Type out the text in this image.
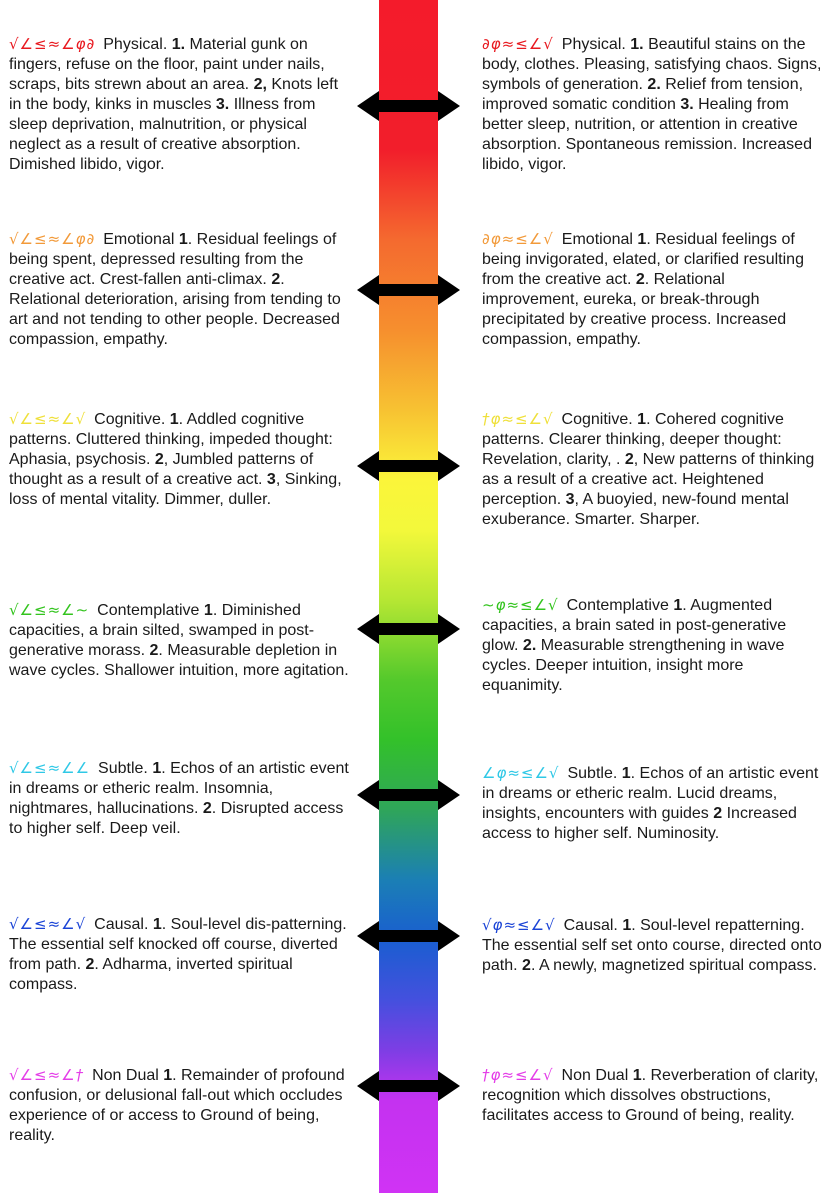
√∠≤≈∠φ∂ Physical. 1. Material gunk on fingers, refuse on the floor, paint under nails, scraps, bits strewn about an area. 2, Knots left in the body, kinks in muscles 3. Illness from sleep deprivation, malnutrition, or physical neglect as a result of creative absorption. Dimished libido, vigor.

√∠≤≈∠φ∂ Emotional 1. Residual feelings of being spent, depressed resulting from the creative act. Crest-fallen anti-climax. 2. Relational deterioration, arising from tending to art and not tending to other people. Decreased compassion, empathy.

√∠≤≈∠√ Cognitive. 1. Addled cognitive patterns. Cluttered thinking, impeded thought: Aphasia, psychosis. 2, Jumbled patterns of thought as a result of a creative act. 3, Sinking, loss of mental vitality. Dimmer, duller.

√∠≤≈∠∼ Contemplative 1. Diminished capacities, a brain silted, swamped in post-generative morass. 2. Measurable depletion in wave cycles. Shallower intuition, more agitation.

√∠≤≈∠∠ Subtle. 1. Echos of an artistic event in dreams or etheric realm. Insomnia, nightmares, hallucinations. 2. Disrupted access to higher self. Deep veil.

√∠≤≈∠√ Causal. 1. Soul-level dis-patterning. The essential self knocked off course, diverted from path. 2. Adharma, inverted spiritual compass.

√∠≤≈∠† Non Dual 1. Remainder of profound confusion, or delusional fall-out which occludes experience of or access to Ground of being, reality.

∂φ≈≤∠√ Physical. 1. Beautiful stains on the body, clothes. Pleasing, satisfying chaos. Signs, symbols of generation. 2. Relief from tension, improved somatic condition 3. Healing from better sleep, nutrition, or attention in creative absorption. Spontaneous remission. Increased libido, vigor.

∂φ≈≤∠√ Emotional 1. Residual feelings of being invigorated, elated, or clarified resulting from the creative act. 2. Relational improvement, eureka, or break-through precipitated by creative process. Increased compassion, empathy.

†φ≈≤∠√ Cognitive. 1. Cohered cognitive patterns. Clearer thinking, deeper thought: Revelation, clarity, . 2, New patterns of thinking as a result of a creative act. Heightened perception. 3, A buoyied, new-found mental exuberance. Smarter. Sharper.

∼φ≈≤∠√ Contemplative 1. Augmented capacities, a brain sated in post-generative glow. 2. Measurable strengthening in wave cycles. Deeper intuition, insight more equanimity.

∠φ≈≤∠√ Subtle. 1. Echos of an artistic event in dreams or etheric realm. Lucid dreams, insights, encounters with guides 2 Increased access to higher self. Numinosity.

√φ≈≤∠√ Causal. 1. Soul-level repatterning. The essential self set onto course, directed onto path. 2. A newly, magnetized spiritual compass.

†φ≈≤∠√ Non Dual 1. Reverberation of clarity, recognition which dissolves obstructions, facilitates access to Ground of being, reality.
